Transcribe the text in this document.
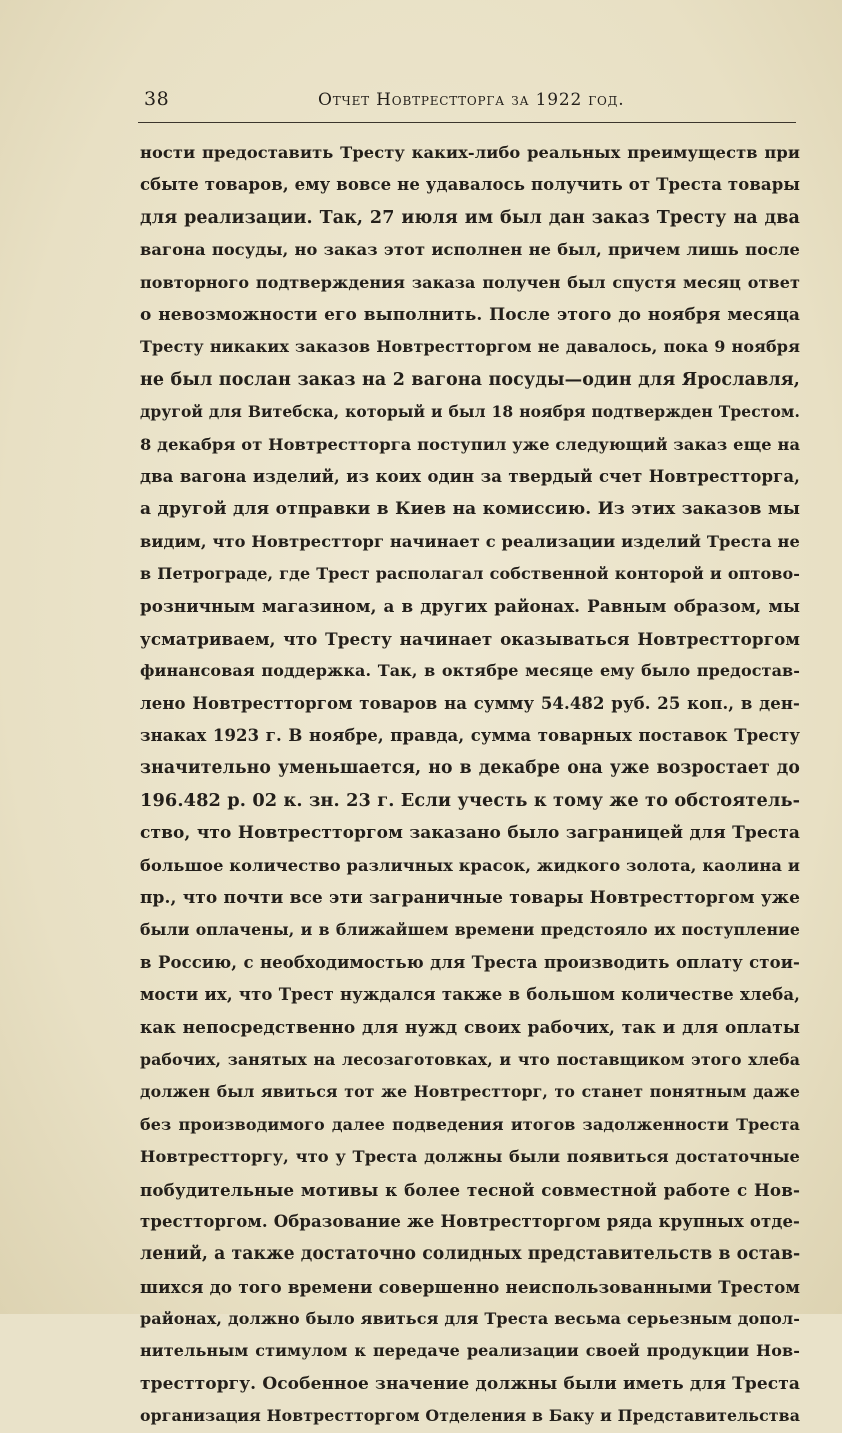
38	Отчет Новтрестторга за 1922 год.
ности предоставить Тресту каких-либо реальных преимуществ при
сбыте товаров, ему вовсе не удавалось получить от Треста товары
для реализации. Так, 27 июля им был дан заказ Тресту на два
вагона посуды, но заказ этот исполнен не был, причем лишь после
повторного подтверждения заказа получен был спустя месяц ответ
о невозможности его выполнить. После этого до ноября месяца
Тресту никаких заказов Новтрестторгом не давалось, пока 9 ноября
не был послан заказ на 2 вагона посуды—один для Ярославля,
другой для Витебска, который и был 18 ноября подтвержден Трестом.
8 декабря от Новтрестторга поступил уже следующий заказ еще на
два вагона изделий, из коих один за твердый счет Новтрестторга,
а другой для отправки в Киев на комиссию. Из этих заказов мы
видим, что Новтрестторг начинает с реализации изделий Треста не
в Петрограде, где Трест располагал собственной конторой и оптово-
розничным магазином, а в других районах. Равным образом, мы
усматриваем, что Тресту начинает оказываться Новтрестторгом
финансовая поддержка. Так, в октябре месяце ему было предостав-
лено Новтрестторгом товаров на сумму 54.482 руб. 25 коп., в ден-
знаках 1923 г. В ноябре, правда, сумма товарных поставок Тресту
значительно уменьшается, но в декабре она уже возростает до
196.482 р. 02 к. зн. 23 г. Если учесть к тому же то обстоятель-
ство, что Новтрестторгом заказано было заграницей для Треста
большое количество различных красок, жидкого золота, каолина и
пр., что почти все эти заграничные товары Новтрестторгом уже
были оплачены, и в ближайшем времени предстояло их поступление
в Россию, с необходимостью для Треста производить оплату стои-
мости их, что Трест нуждался также в большом количестве хлеба,
как непосредственно для нужд своих рабочих, так и для оплаты
рабочих, занятых на лесозаготовках, и что поставщиком этого хлеба
должен был явиться тот же Новтрестторг, то станет понятным даже
без производимого далее подведения итогов задолженности Треста
Новтрестторгу, что у Треста должны были появиться достаточные
побудительные мотивы к более тесной совместной работе с Нов-
трестторгом. Образование же Новтрестторгом ряда крупных отде-
лений, а также достаточно солидных представительств в остав-
шихся до того времени совершенно неиспользованными Трестом
районах, должно было явиться для Треста весьма серьезным допол-
нительным стимулом к передаче реализации своей продукции Нов-
трестторгу. Особенное значение должны были иметь для Треста
организация Новтрестторгом Отделения в Баку и Представительства
